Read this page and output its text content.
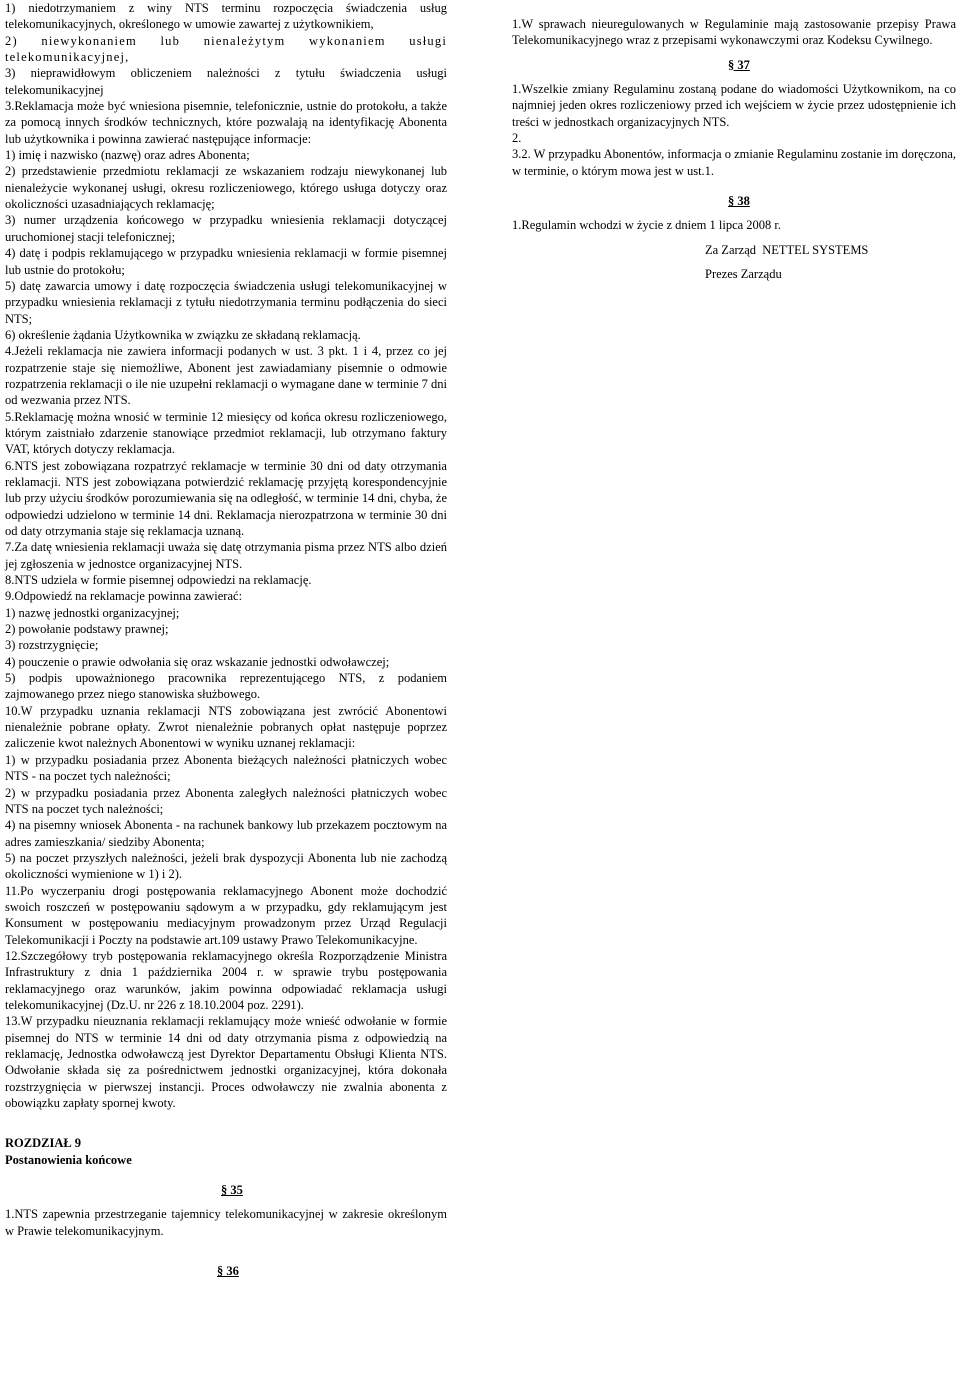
1) niedotrzymaniem z winy NTS terminu rozpoczęcia świadczenia usług telekomunikacyjnych, określonego w umowie zawartej z użytkownikiem,

2) niewykonaniem lub nienależytym wykonaniem usługi telekomunikacyjnej,

3) nieprawidłowym obliczeniem należności z tytułu świadczenia usługi telekomunikacyjnej

3.Reklamacja może być wniesiona pisemnie, telefonicznie, ustnie do protokołu, a także za pomocą innych środków technicznych, które pozwalają na identyfikację Abonenta lub użytkownika i powinna zawierać następujące informacje:

1) imię i nazwisko (nazwę) oraz adres Abonenta;

2) przedstawienie przedmiotu reklamacji ze wskazaniem rodzaju niewykonanej lub nienależycie wykonanej usługi, okresu rozliczeniowego, którego usługa dotyczy oraz okoliczności uzasadniających reklamację;

3) numer urządzenia końcowego w przypadku wniesienia reklamacji dotyczącej uruchomionej stacji telefonicznej;

4) datę i podpis reklamującego w przypadku wniesienia reklamacji w formie pisemnej lub ustnie do protokołu;

5) datę zawarcia umowy i datę rozpoczęcia świadczenia usługi telekomunikacyjnej w przypadku wniesienia reklamacji z tytułu niedotrzymania terminu podłączenia do sieci NTS;

6) określenie żądania Użytkownika w związku ze składaną reklamacją.

4.Jeżeli reklamacja nie zawiera informacji podanych w ust. 3 pkt. 1 i 4, przez co jej rozpatrzenie staje się niemożliwe, Abonent jest zawiadamiany pisemnie o odmowie rozpatrzenia reklamacji o ile nie uzupełni reklamacji o wymagane dane w terminie 7 dni od wezwania przez NTS.

5.Reklamację można wnosić w terminie 12 miesięcy od końca okresu rozliczeniowego, którym zaistniało zdarzenie stanowiące przedmiot reklamacji, lub otrzymano faktury VAT, których dotyczy reklamacja.

6.NTS jest zobowiązana rozpatrzyć reklamacje w terminie 30 dni od daty otrzymania reklamacji. NTS jest zobowiązana potwierdzić reklamację przyjętą korespondencyjnie lub przy użyciu środków porozumiewania się na odległość, w terminie 14 dni, chyba, że odpowiedzi udzielono w terminie 14 dni. Reklamacja nierozpatrzona w terminie 30 dni od daty otrzymania staje się reklamacja uznaną.

7.Za datę wniesienia reklamacji uważa się datę otrzymania pisma przez NTS albo dzień jej zgłoszenia w jednostce organizacyjnej NTS.

8.NTS udziela w formie pisemnej odpowiedzi na reklamację.

9.Odpowiedź na reklamacje powinna zawierać:

1) nazwę jednostki organizacyjnej;

2) powołanie podstawy prawnej;

3) rozstrzygnięcie;

4) pouczenie o prawie odwołania się oraz wskazanie jednostki odwoławczej;

5) podpis upoważnionego pracownika reprezentującego NTS, z podaniem zajmowanego przez niego stanowiska służbowego.

10.W przypadku uznania reklamacji NTS zobowiązana jest zwrócić Abonentowi nienależnie pobrane opłaty. Zwrot nienależnie pobranych opłat następuje poprzez zaliczenie kwot należnych Abonentowi w wyniku uznanej reklamacji:

1) w przypadku posiadania przez Abonenta bieżących należności płatniczych wobec NTS - na poczet tych należności;

2) w przypadku posiadania przez Abonenta zaległych należności płatniczych wobec NTS na poczet tych należności;

4) na pisemny wniosek Abonenta - na rachunek bankowy lub przekazem pocztowym na adres zamieszkania/ siedziby Abonenta;

5) na poczet przyszłych należności, jeżeli brak dyspozycji Abonenta lub nie zachodzą okoliczności wymienione w 1) i 2).

11.Po wyczerpaniu drogi postępowania reklamacyjnego Abonent może dochodzić swoich roszczeń w postępowaniu sądowym a w przypadku, gdy reklamującym jest Konsument w postępowaniu mediacyjnym prowadzonym przez Urząd Regulacji Telekomunikacji i Poczty na podstawie art.109 ustawy Prawo Telekomunikacyjne.

12.Szczegółowy tryb postępowania reklamacyjnego określa Rozporządzenie Ministra Infrastruktury z dnia 1 października 2004 r. w sprawie trybu postępowania reklamacyjnego oraz warunków, jakim powinna odpowiadać reklamacja usługi telekomunikacyjnej (Dz.U. nr 226 z 18.10.2004 poz. 2291).

13.W przypadku nieuznania reklamacji reklamujący może wnieść odwołanie w formie pisemnej do NTS w terminie 14 dni od daty otrzymania pisma z odpowiedzią na reklamację, Jednostka odwoławczą jest Dyrektor Departamentu Obsługi Klienta NTS. Odwołanie składa się za pośrednictwem jednostki organizacyjnej, która dokonała rozstrzygnięcia w pierwszej instancji. Proces odwoławczy nie zwalnia abonenta z obowiązku zapłaty spornej kwoty.

ROZDZIAŁ 9

Postanowienia końcowe

§ 35

1.NTS zapewnia przestrzeganie tajemnicy telekomunikacyjnej w zakresie określonym w Prawie telekomunikacyjnym.

§ 36

1.W sprawach nieuregulowanych w Regulaminie mają zastosowanie przepisy Prawa Telekomunikacyjnego wraz z przepisami wykonawczymi oraz Kodeksu Cywilnego.

§ 37

1.Wszelkie zmiany Regulaminu zostaną podane do wiadomości Użytkownikom, na co najmniej jeden okres rozliczeniowy przed ich wejściem w życie przez udostępnienie ich treści w jednostkach organizacyjnych NTS.

2.

3.2. W przypadku Abonentów, informacja o zmianie Regulaminu zostanie im doręczona, w terminie, o którym mowa jest w ust.1.

§ 38

1.Regulamin wchodzi w życie z dniem 1 lipca 2008 r.

Za Zarząd  NETTEL SYSTEMS

Prezes Zarządu
